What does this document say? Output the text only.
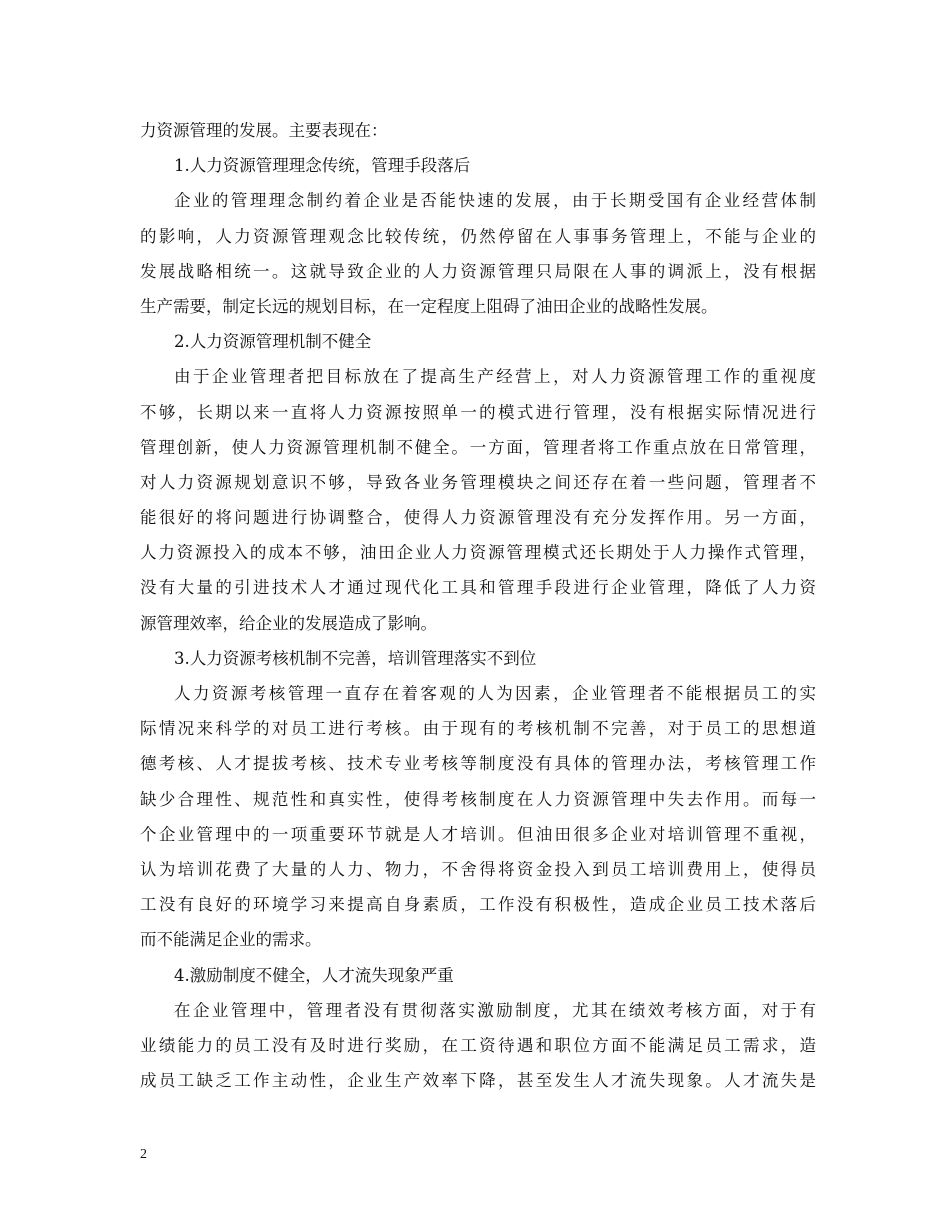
力资源管理的发展。主要表现在：
1.人力资源管理理念传统，管理手段落后
企业的管理理念制约着企业是否能快速的发展，由于长期受国有企业经营体制
的影响，人力资源管理观念比较传统，仍然停留在人事事务管理上，不能与企业的
发展战略相统一。这就导致企业的人力资源管理只局限在人事的调派上，没有根据
生产需要，制定长远的规划目标，在一定程度上阻碍了油田企业的战略性发展。
2.人力资源管理机制不健全
由于企业管理者把目标放在了提高生产经营上，对人力资源管理工作的重视度
不够，长期以来一直将人力资源按照单一的模式进行管理，没有根据实际情况进行
管理创新，使人力资源管理机制不健全。一方面，管理者将工作重点放在日常管理，
对人力资源规划意识不够，导致各业务管理模块之间还存在着一些问题，管理者不
能很好的将问题进行协调整合，使得人力资源管理没有充分发挥作用。另一方面，
人力资源投入的成本不够，油田企业人力资源管理模式还长期处于人力操作式管理，
没有大量的引进技术人才通过现代化工具和管理手段进行企业管理，降低了人力资
源管理效率，给企业的发展造成了影响。
3.人力资源考核机制不完善，培训管理落实不到位
人力资源考核管理一直存在着客观的人为因素，企业管理者不能根据员工的实
际情况来科学的对员工进行考核。由于现有的考核机制不完善，对于员工的思想道
德考核、人才提拔考核、技术专业考核等制度没有具体的管理办法，考核管理工作
缺少合理性、规范性和真实性，使得考核制度在人力资源管理中失去作用。而每一
个企业管理中的一项重要环节就是人才培训。但油田很多企业对培训管理不重视，
认为培训花费了大量的人力、物力，不舍得将资金投入到员工培训费用上，使得员
工没有良好的环境学习来提高自身素质，工作没有积极性，造成企业员工技术落后
而不能满足企业的需求。
4.激励制度不健全，人才流失现象严重
在企业管理中，管理者没有贯彻落实激励制度，尤其在绩效考核方面，对于有
业绩能力的员工没有及时进行奖励，在工资待遇和职位方面不能满足员工需求，造
成员工缺乏工作主动性，企业生产效率下降，甚至发生人才流失现象。人才流失是
2
